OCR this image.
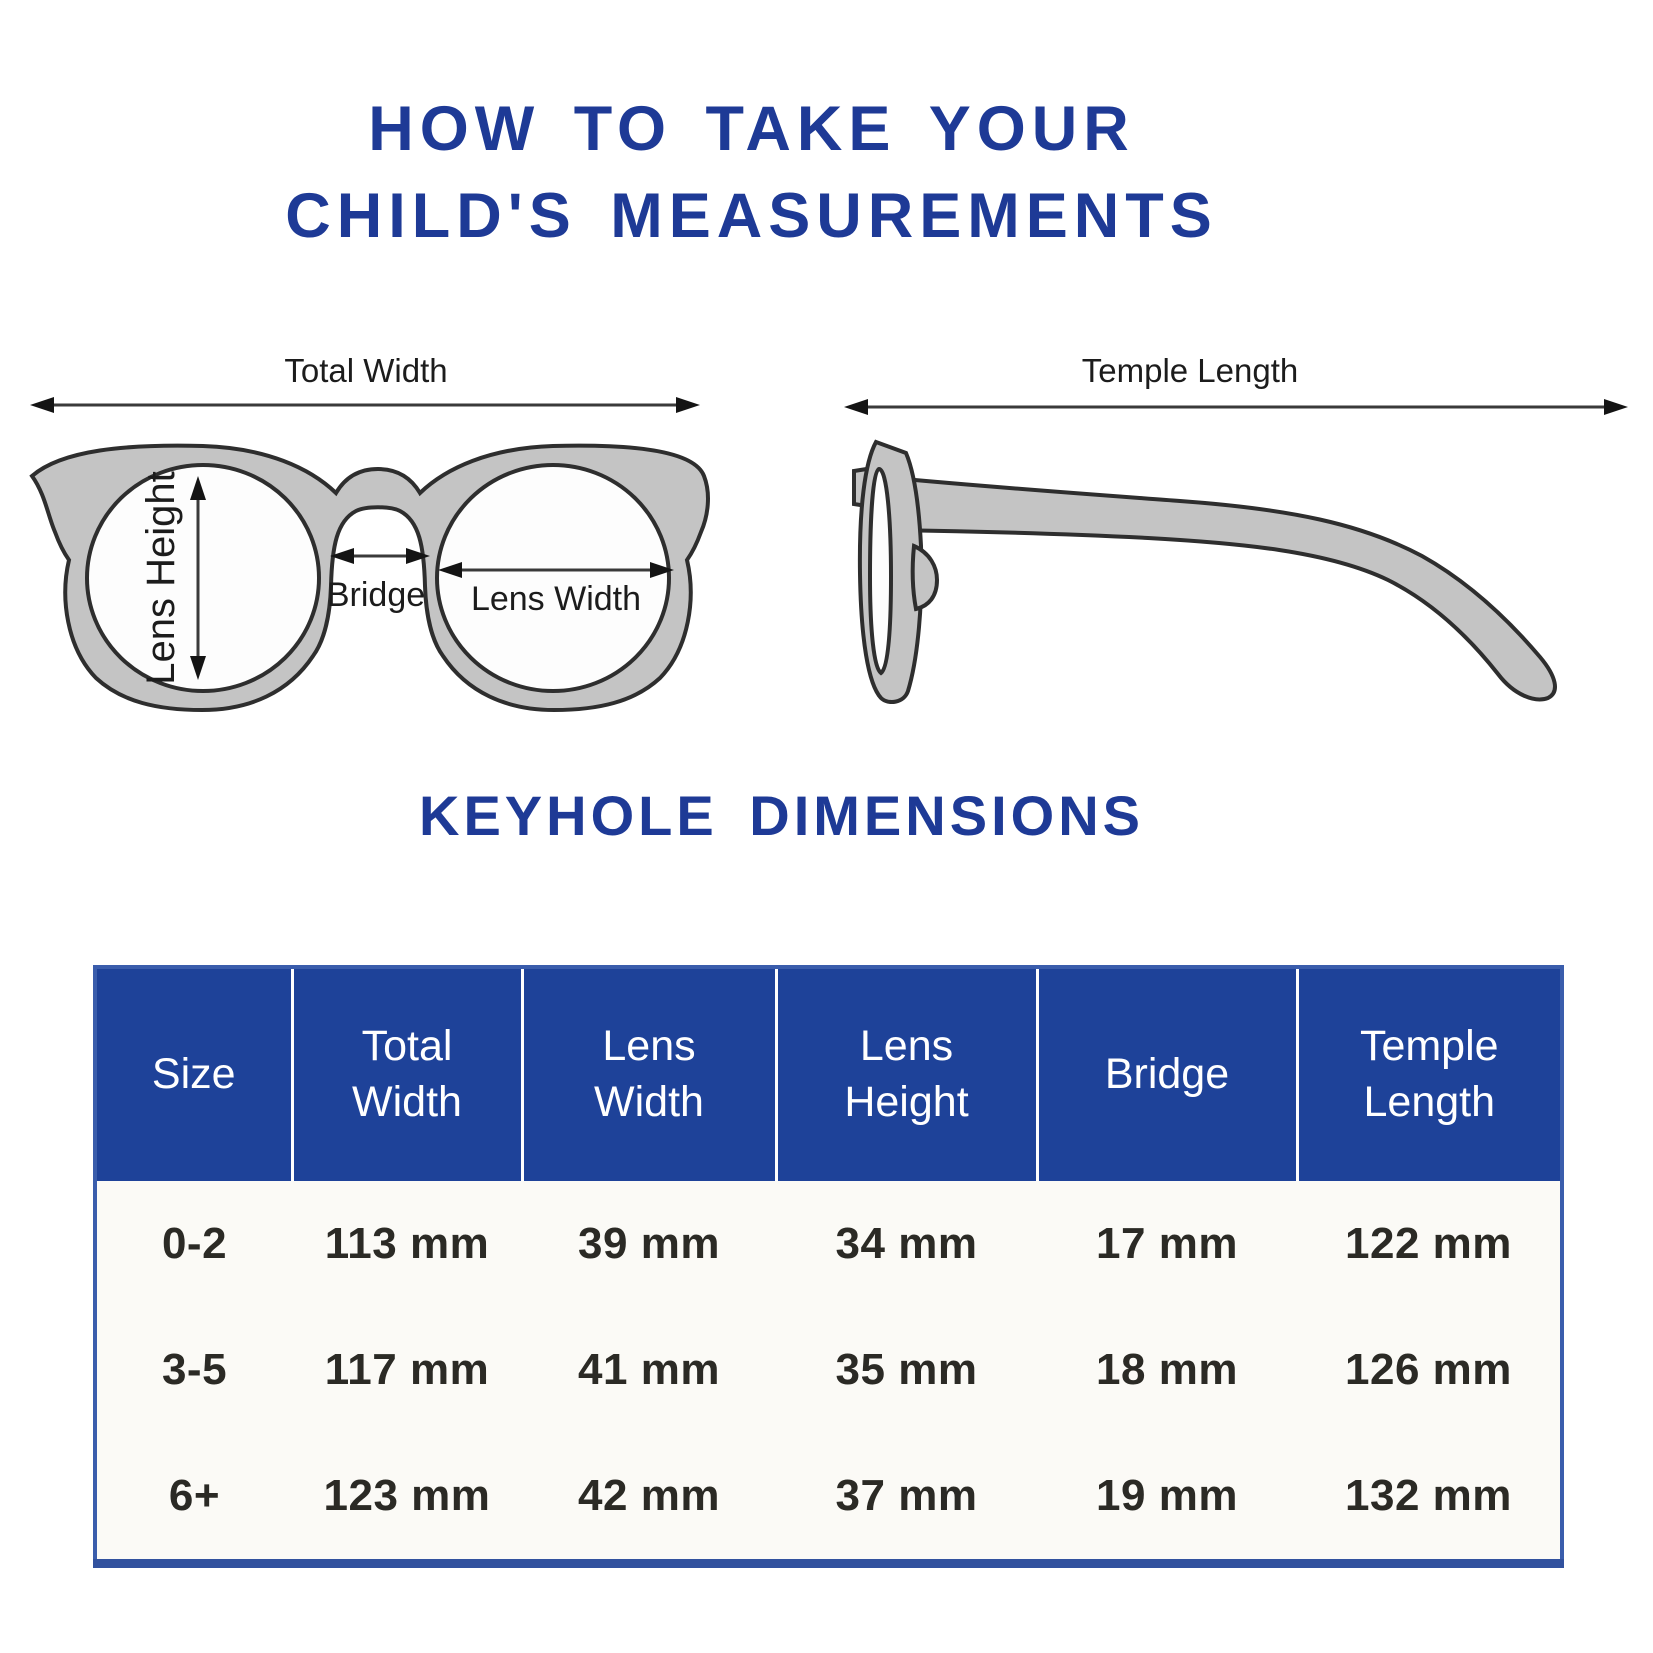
HOW TO TAKE YOUR
CHILD'S MEASUREMENTS
Total Width
Lens Height	Bridge Lens Width
Temple Length
KEYHOLE DIMENSIONS
Size	Total Width	Lens Width	Lens Height	Bridge	Temple Length
0-2	113 mm	39 mm	34 mm	17 mm	122 mm
3-5	117 mm	41 mm	35 mm	18 mm	126 mm
6+	123 mm	42 mm	37 mm	19 mm	132 mm
